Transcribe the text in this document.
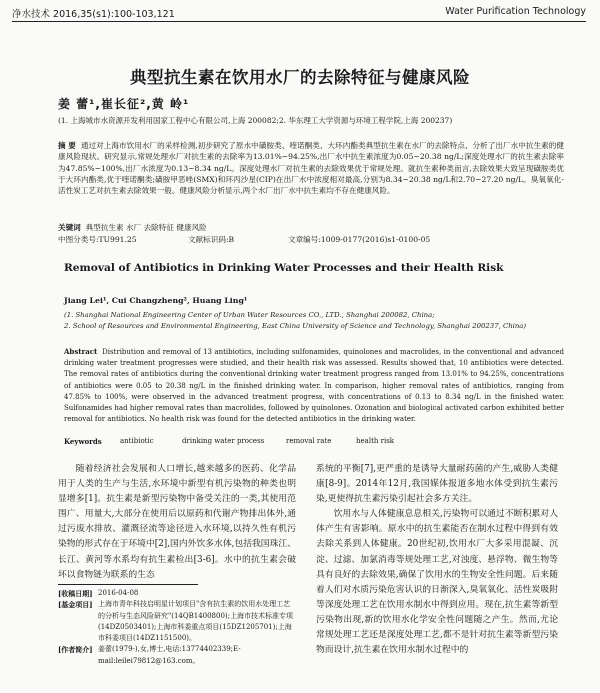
净水技术 2016,35(s1):100-103,121	Water Purification Technology
典型抗生素在饮用水厂的去除特征与健康风险
姜 蕾¹,崔长征²,黄 岭¹
(1. 上海城市水资源开发利用国家工程中心有限公司,上海 200082;2. 华东理工大学资源与环境工程学院,上海 200237)
摘 要 通过对上海市饮用水厂的采样检测,初步研究了原水中磺胺类、喹诺酮类、大环内酯类典型抗生素在水厂的去除特点、分析了出厂水中抗生素的健康风险现状。研究显示,常规处理水厂对抗生素的去除率为13.01%~94.25%,出厂水中抗生素浓度为0.05~20.38 ng/L;深度处理水厂的抗生素去除率为47.85%~100%,出厂水浓度为0.13~8.34 ng/L。深度处理水厂对抗生素的去除效果优于常规处理。就抗生素种类而言,去除效果大致呈现磺胺类优于大环内酯类,优于喹诺酮类;磺胺甲恶唑(SMX)和环丙沙星(CIP)在出厂水中浓度相对最高,分别为8.34~20.38 ng/L和2.70~27.20 ng/L。臭氧氧化-活性炭工艺对抗生素去除效果一般。健康风险分析显示,两个水厂出厂水中抗生素均不存在健康风险。
关键词 典型抗生素 水厂 去除特征 健康风险
中图分类号:TU991.25	文献标识码:B	文章编号:1009-0177(2016)s1-0100-05
Removal of Antibiotics in Drinking Water Processes and their Health Risk
Jiang Lei¹, Cui Changzheng², Huang Ling¹
(1. Shanghai National Engineering Center of Urban Water Resources CO., LTD., Shanghai 200082, China;
2. School of Resources and Environmental Engineering, East China University of Science and Technology, Shanghai 200237, China)
Abstract Distribution and removal of 13 antibiotics, including sulfonamides, quinolones and macrolides, in the conventional and advanced drinking water treatment progresses were studied, and their health risk was assessed. Results showed that, 10 antibiotics were detected. The removal rates of antibiotics during the conventional drinking water treatment progress ranged from 13.01% to 94.25%, concentrations of antibiotics were 0.05 to 20.38 ng/L in the finished drinking water. In comparison, higher removal rates of antibiotics, ranging from 47.85% to 100%, were observed in the advanced treatment progress, with concentrations of 0.13 to 8.34 ng/L in the finished water. Sulfonamides had higher removal rates than macrolides, followed by quinolones. Ozonation and biological activated carbon exhibited better removal for antibiotics. No health risk was found for the detected antibiotics in the drinking water.
Keywords	antibiotic	drinking water process	removal rate	health risk
随着经济社会发展和人口增长,越来越多的医药、化学品用于人类的生产与生活,水环境中新型有机污染物的种类也明显增多[1]。抗生素是新型污染物中备受关注的一类,其使用范围广、用量大,大部分在使用后以原药和代谢产物排出体外,通过污废水排放、灌溉径流等途径进入水环境,以持久性有机污染物的形式存在于环境中[2],国内外饮多水体,包括我国珠江、长江、黄河等水系均有抗生素检出[3-6]。水中的抗生素会破坏以食物链为联系的生态

系统的平衡[7],更严重的是诱导大量耐药菌的产生,威胁人类健康[8-9]。2014年12月,我国媒体报道多地水体受到抗生素污染,更使得抗生素污染引起社会多方关注。

饮用水与人体健康息息相关,污染物可以通过不断积累对人体产生有害影响。原水中的抗生素能否在制水过程中得到有效去除关系到人体健康。20世纪初,饮用水厂大多采用混凝、沉淀、过滤、加氯消毒等规处理工艺,对浊度、悬浮物、微生物等具有良好的去除效果,确保了饮用水的生物安全性问题。后来随着人们对水质污染危害认识的日渐深入,臭氧氧化、活性炭吸附等深度处理工艺在饮用水制水中得到应用。现在,抗生素等新型污染物出现,新的饮用水化学安全性问题随之产生。然而,尤论常规处理工艺还是深度处理工艺,都不是针对抗生素等新型污染物而设计,抗生素在饮用水制水过程中的

[收稿日期] 2016-04-08
[基金项目] 上海市青年科技启明星计划项目"含有抗生素的饮用水处理工艺的分析与生态风险研究"(14QB1400800);上海市技术标准专项(14DZ0503401);上海市科委重点项目(15DZ1205701);上海市科委项目(14DZ1151500)。
[作者简介] 姜蕾(1979-),女,博士,电话:13774402339;E-mail:leilei79812@163.com。
